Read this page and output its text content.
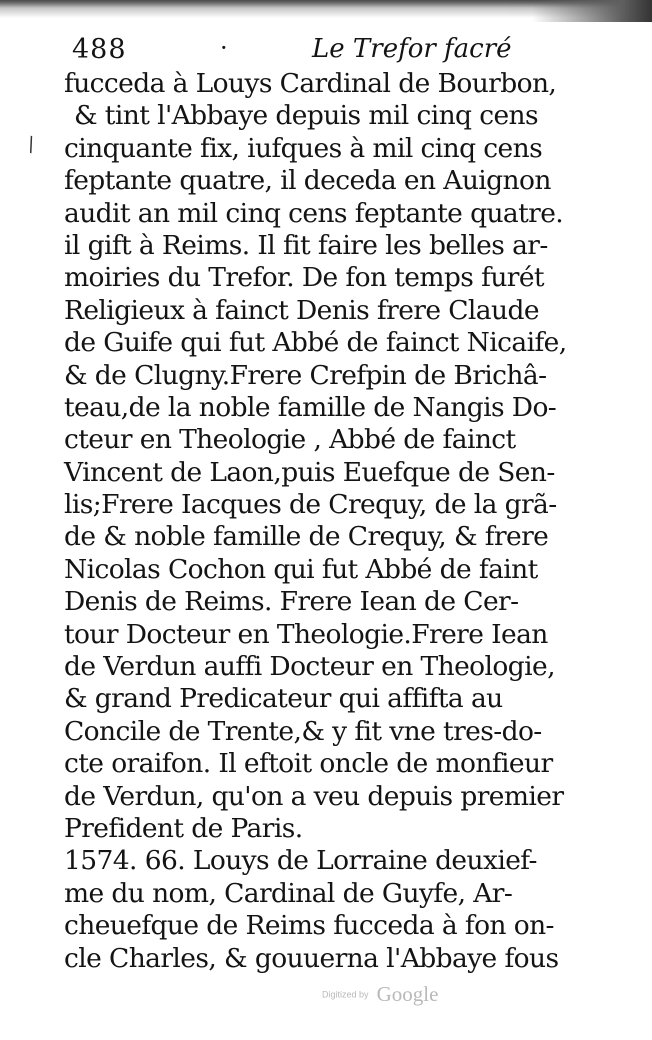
488	·	Le Trefor facré
\
fucceda à Louys Cardinal de Bourbon,
& tint l'Abbaye depuis mil cinq cens
cinquante fix, iufques à mil cinq cens
feptante quatre, il deceda en Auignon
audit an mil cinq cens feptante quatre.
il gift à Reims. Il fit faire les belles ar-
moiries du Trefor. De fon temps furét
Religieux à fainct Denis frere Claude
de Guife qui fut Abbé de fainct Nicaife,
& de Clugny.Frere Crefpin de Brichâ-
teau,de la noble famille de Nangis Do-
cteur en Theologie , Abbé de fainct
Vincent de Laon,puis Euefque de Sen-
lis;Frere Iacques de Crequy, de la grã-
de & noble famille de Crequy, & frere
Nicolas Cochon qui fut Abbé de faint
Denis de Reims. Frere Iean de Cer-
tour Docteur en Theologie.Frere Iean
de Verdun auffi Docteur en Theologie,
& grand Predicateur qui affifta au
Concile de Trente,& y fit vne tres-do-
cte oraifon. Il eftoit oncle de monfieur
de Verdun, qu'on a veu depuis premier
Prefident de Paris.
1574. 66. Louys de Lorraine deuxief-
me du nom, Cardinal de Guyfe, Ar-
cheuefque de Reims fucceda à fon on-
cle Charles, & gouuerna l'Abbaye fous
Digitized by Google
